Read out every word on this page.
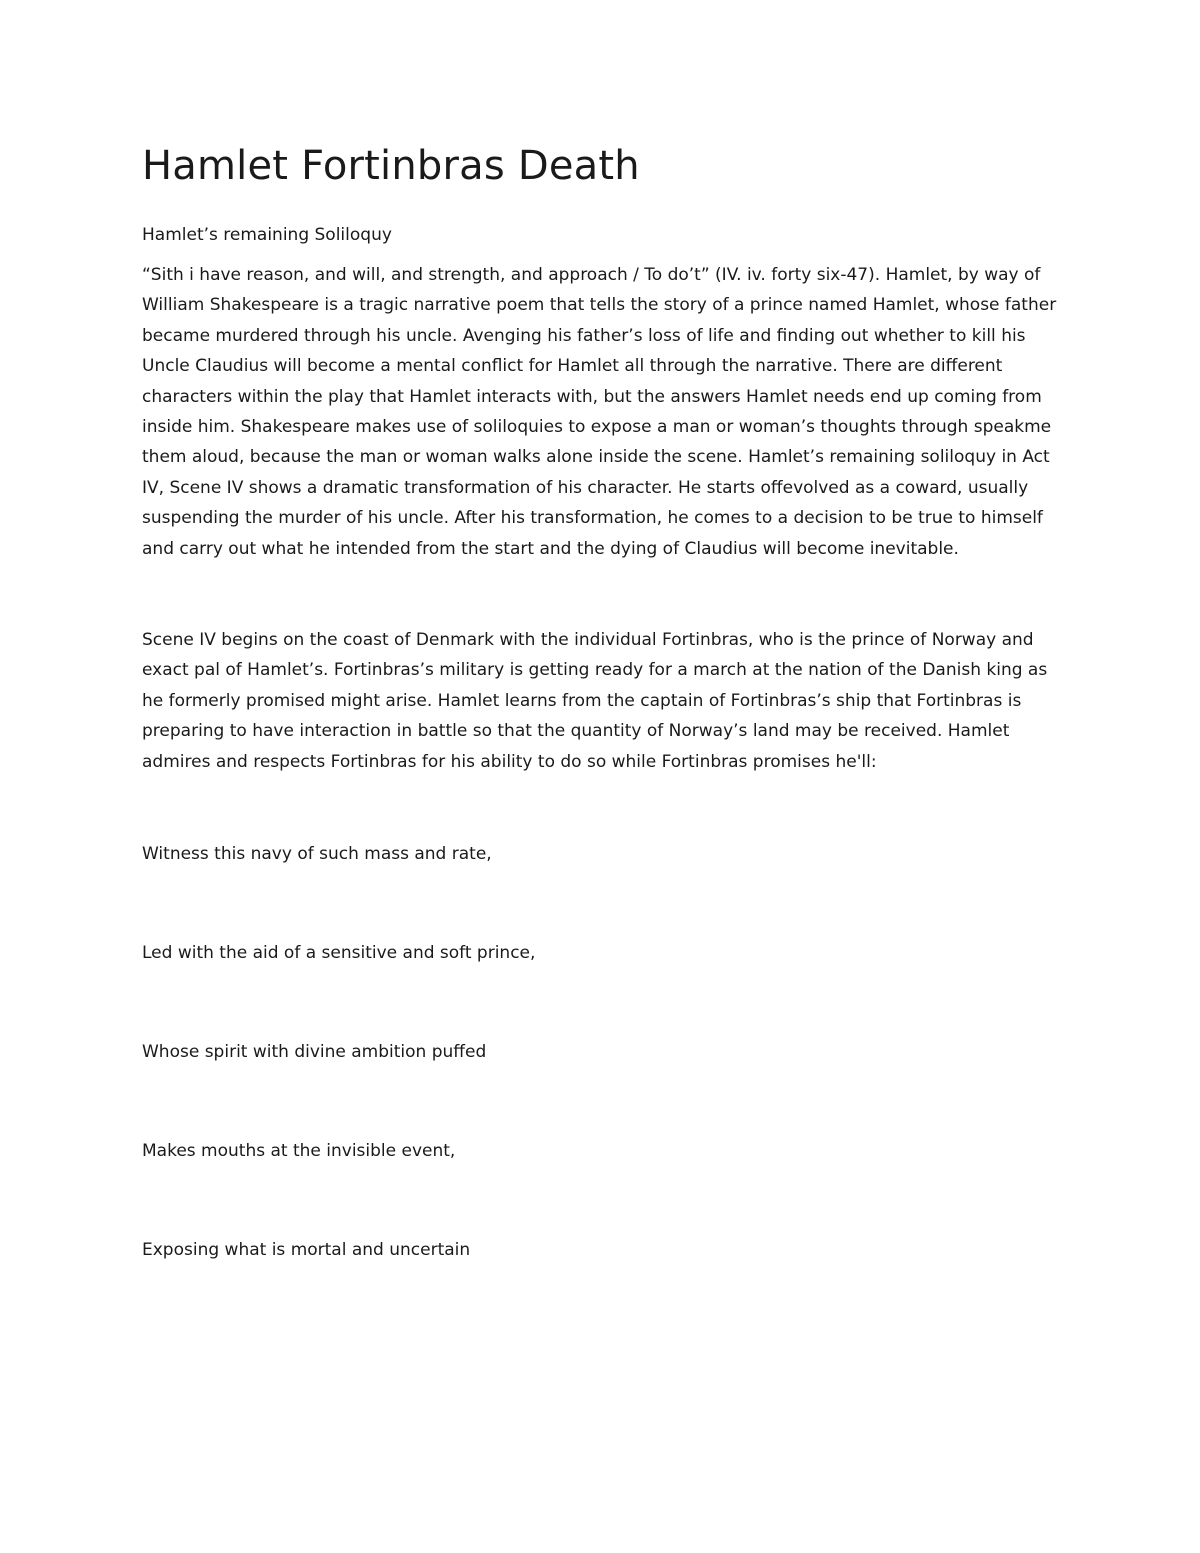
Hamlet Fortinbras Death

Hamlet’s remaining Soliloquy

“Sith i have reason, and will, and strength, and approach / To do’t” (IV. iv. forty six-47). Hamlet, by way of William Shakespeare is a tragic narrative poem that tells the story of a prince named Hamlet, whose father became murdered through his uncle. Avenging his father’s loss of life and finding out whether to kill his Uncle Claudius will become a mental conflict for Hamlet all through the narrative. There are different characters within the play that Hamlet interacts with, but the answers Hamlet needs end up coming from inside him. Shakespeare makes use of soliloquies to expose a man or woman’s thoughts through speakme them aloud, because the man or woman walks alone inside the scene. Hamlet’s remaining soliloquy in Act IV, Scene IV shows a dramatic transformation of his character. He starts offevolved as a coward, usually suspending the murder of his uncle. After his transformation, he comes to a decision to be true to himself and carry out what he intended from the start and the dying of Claudius will become inevitable.

Scene IV begins on the coast of Denmark with the individual Fortinbras, who is the prince of Norway and exact pal of Hamlet’s. Fortinbras’s military is getting ready for a march at the nation of the Danish king as he formerly promised might arise. Hamlet learns from the captain of Fortinbras’s ship that Fortinbras is preparing to have interaction in battle so that the quantity of Norway’s land may be received. Hamlet admires and respects Fortinbras for his ability to do so while Fortinbras promises he'll:

Witness this navy of such mass and rate,

Led with the aid of a sensitive and soft prince,

Whose spirit with divine ambition puffed

Makes mouths at the invisible event,

Exposing what is mortal and uncertain
